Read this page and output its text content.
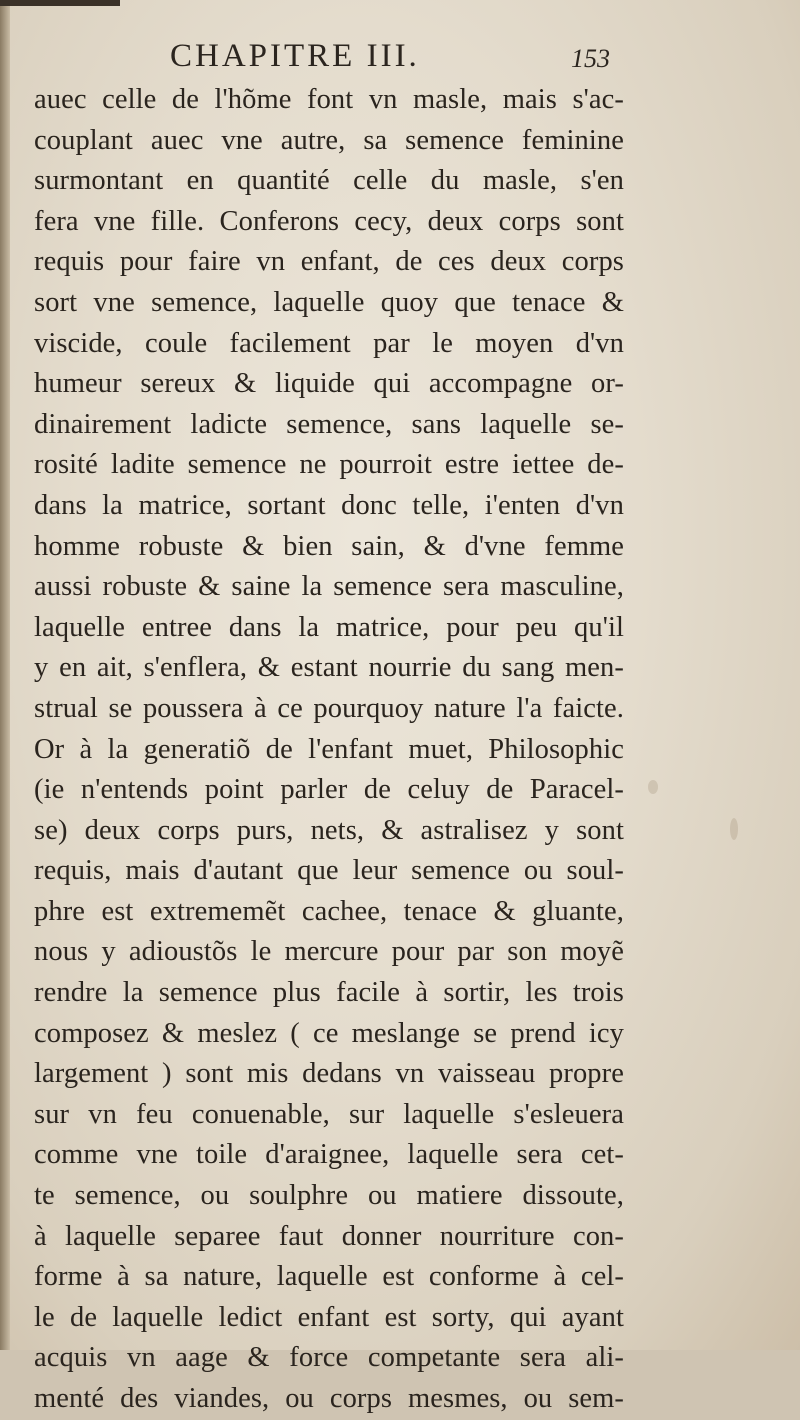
CHAPITRE III.	153
auec celle de l'hõme font vn masle, mais s'ac-
couplant auec vne autre, sa semence feminine
surmontant en quantité celle du masle, s'en
fera vne fille. Conferons cecy, deux corps sont
requis pour faire vn enfant, de ces deux corps
sort vne semence, laquelle quoy que tenace &
viscide, coule facilement par le moyen d'vn
humeur sereux & liquide qui accompagne or-
dinairement ladicte semence, sans laquelle se-
rosité ladite semence ne pourroit estre iettee de-
dans la matrice, sortant donc telle, i'enten d'vn
homme robuste & bien sain, & d'vne femme
aussi robuste & saine la semence sera masculine,
laquelle entree dans la matrice, pour peu qu'il
y en ait, s'enflera, & estant nourrie du sang men-
strual se poussera à ce pourquoy nature l'a faicte.
Or à la generatiõ de l'enfant muet, Philosophic
(ie n'entends point parler de celuy de Paracel-
se) deux corps purs, nets, & astralisez y sont
requis, mais d'autant que leur semence ou soul-
phre est extrememẽt cachee, tenace & gluante,
nous y adioustõs le mercure pour par son moyẽ
rendre la semence plus facile à sortir, les trois
composez & meslez ( ce meslange se prend icy
largement ) sont mis dedans vn vaisseau propre
sur vn feu conuenable, sur laquelle s'esleuera
comme vne toile d'araignee, laquelle sera cet-
te semence, ou soulphre ou matiere dissoute,
à laquelle separee faut donner nourriture con-
forme à sa nature, laquelle est conforme à cel-
le de laquelle ledict enfant est sorty, qui ayant
acquis vn aage & force competante sera ali-
menté des viandes, ou corps mesmes, ou sem-
